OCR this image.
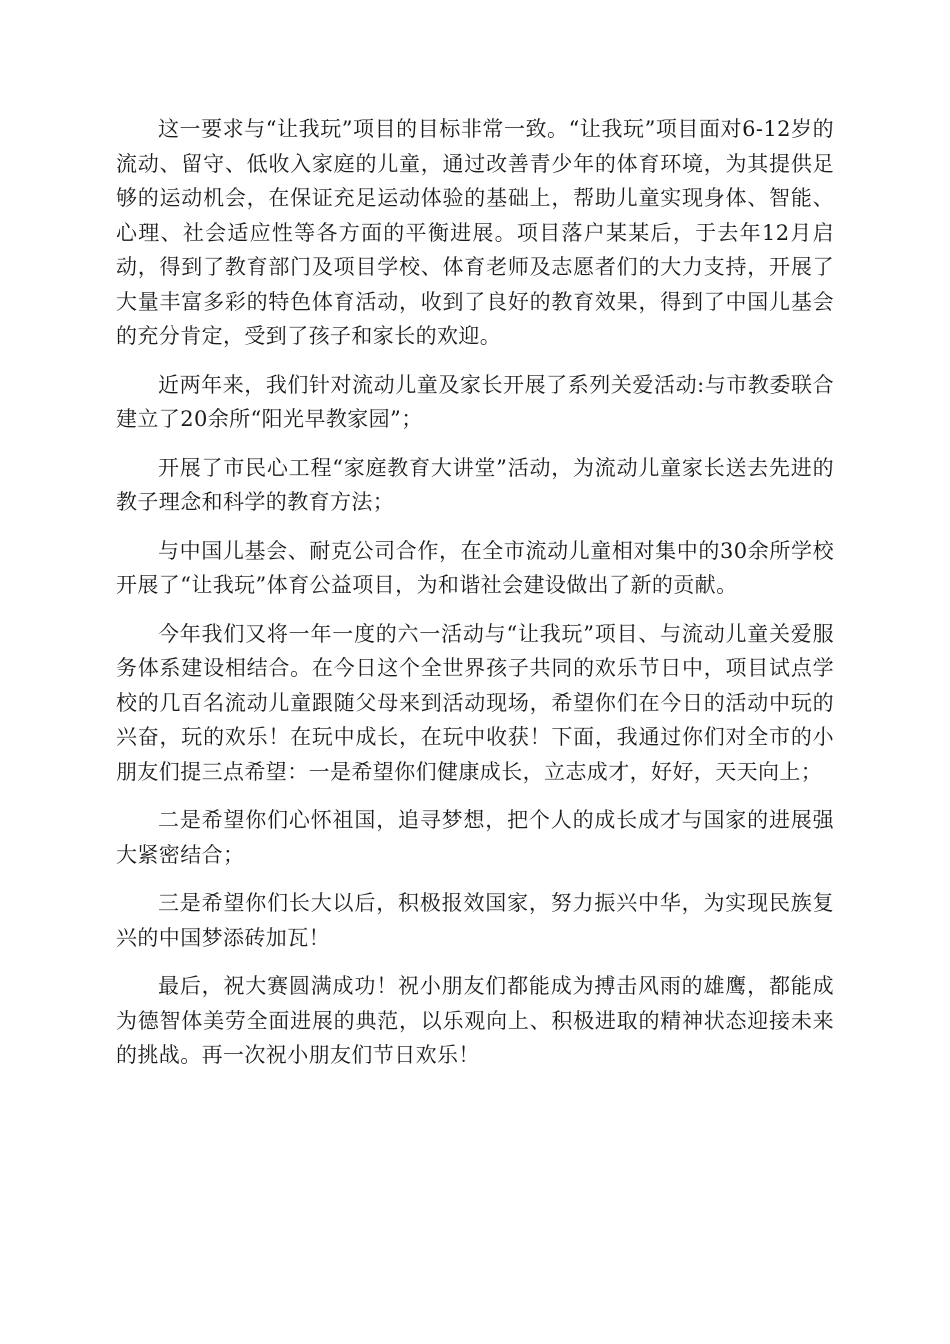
这一要求与“让我玩”项目的目标非常一致。“让我玩”项目面对6-12岁的流动、留守、低收入家庭的儿童，通过改善青少年的体育环境，为其提供足够的运动机会，在保证充足运动体验的基础上，帮助儿童实现身体、智能、心理、社会适应性等各方面的平衡进展。项目落户某某后，于去年12月启动，得到了教育部门及项目学校、体育老师及志愿者们的大力支持，开展了大量丰富多彩的特色体育活动，收到了良好的教育效果，得到了中国儿基会的充分肯定，受到了孩子和家长的欢迎。

近两年来，我们针对流动儿童及家长开展了系列关爱活动:与市教委联合建立了20余所“阳光早教家园”；

开展了市民心工程“家庭教育大讲堂”活动，为流动儿童家长送去先进的教子理念和科学的教育方法；

与中国儿基会、耐克公司合作，在全市流动儿童相对集中的30余所学校开展了“让我玩”体育公益项目，为和谐社会建设做出了新的贡献。

今年我们又将一年一度的六一活动与“让我玩”项目、与流动儿童关爱服务体系建设相结合。在今日这个全世界孩子共同的欢乐节日中，项目试点学校的几百名流动儿童跟随父母来到活动现场，希望你们在今日的活动中玩的兴奋，玩的欢乐！在玩中成长，在玩中收获！下面，我通过你们对全市的小朋友们提三点希望：一是希望你们健康成长，立志成才，好好，天天向上；

二是希望你们心怀祖国，追寻梦想，把个人的成长成才与国家的进展强大紧密结合；

三是希望你们长大以后，积极报效国家，努力振兴中华，为实现民族复兴的中国梦添砖加瓦！

最后，祝大赛圆满成功！祝小朋友们都能成为搏击风雨的雄鹰，都能成为德智体美劳全面进展的典范，以乐观向上、积极进取的精神状态迎接未来的挑战。再一次祝小朋友们节日欢乐！
